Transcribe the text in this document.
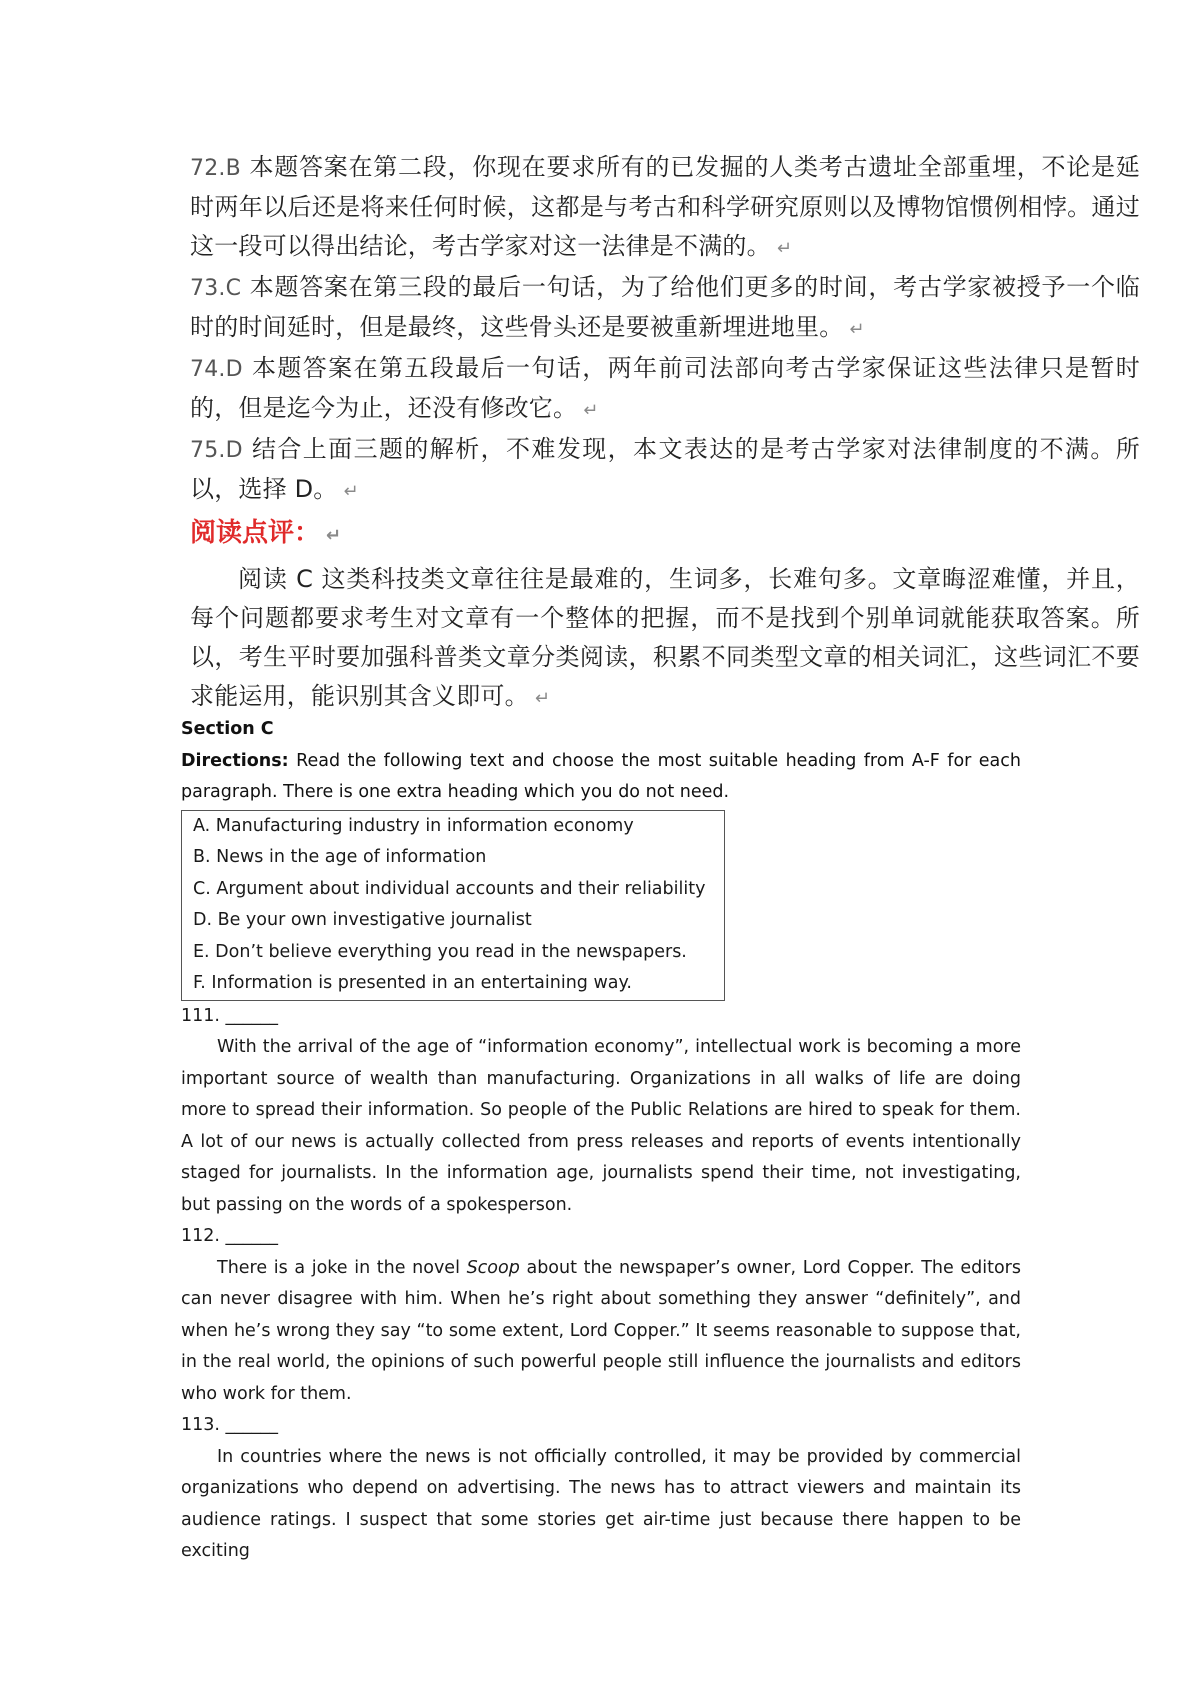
72.B 本题答案在第二段，你现在要求所有的已发掘的人类考古遗址全部重埋，不论是延时两年以后还是将来任何时候，这都是与考古和科学研究原则以及博物馆惯例相悖。通过这一段可以得出结论，考古学家对这一法律是不满的。 ↵

73.C 本题答案在第三段的最后一句话，为了给他们更多的时间，考古学家被授予一个临时的时间延时，但是最终，这些骨头还是要被重新埋进地里。 ↵

74.D 本题答案在第五段最后一句话，两年前司法部向考古学家保证这些法律只是暂时的，但是迄今为止，还没有修改它。 ↵

75.D 结合上面三题的解析，不难发现，本文表达的是考古学家对法律制度的不满。所以，选择 D。 ↵

阅读点评： ↵

阅读 C 这类科技类文章往往是最难的，生词多，长难句多。文章晦涩难懂，并且，每个问题都要求考生对文章有一个整体的把握，而不是找到个别单词就能获取答案。所以，考生平时要加强科普类文章分类阅读，积累不同类型文章的相关词汇，这些词汇不要求能运用，能识别其含义即可。 ↵

Section C

Directions: Read the following text and choose the most suitable heading from A-F for each paragraph. There is one extra heading which you do not need.

A. Manufacturing industry in information economy

B. News in the age of information

C. Argument about individual accounts and their reliability

D. Be your own investigative journalist

E. Don’t believe everything you read in the newspapers.

F. Information is presented in an entertaining way.

111. ______

With the arrival of the age of “information economy”, intellectual work is becoming a more important source of wealth than manufacturing. Organizations in all walks of life are doing more to spread their information. So people of the Public Relations are hired to speak for them. A lot of our news is actually collected from press releases and reports of events intentionally staged for journalists. In the information age, journalists spend their time, not investigating, but passing on the words of a spokesperson.

112. ______

There is a joke in the novel Scoop about the newspaper’s owner, Lord Copper. The editors can never disagree with him. When he’s right about something they answer “definitely”, and when he’s wrong they say “to some extent, Lord Copper.” It seems reasonable to suppose that, in the real world, the opinions of such powerful people still influence the journalists and editors who work for them.

113. ______

In countries where the news is not officially controlled, it may be provided by commercial organizations who depend on advertising. The news has to attract viewers and maintain its audience ratings. I suspect that some stories get air-time just because there happen to be exciting
